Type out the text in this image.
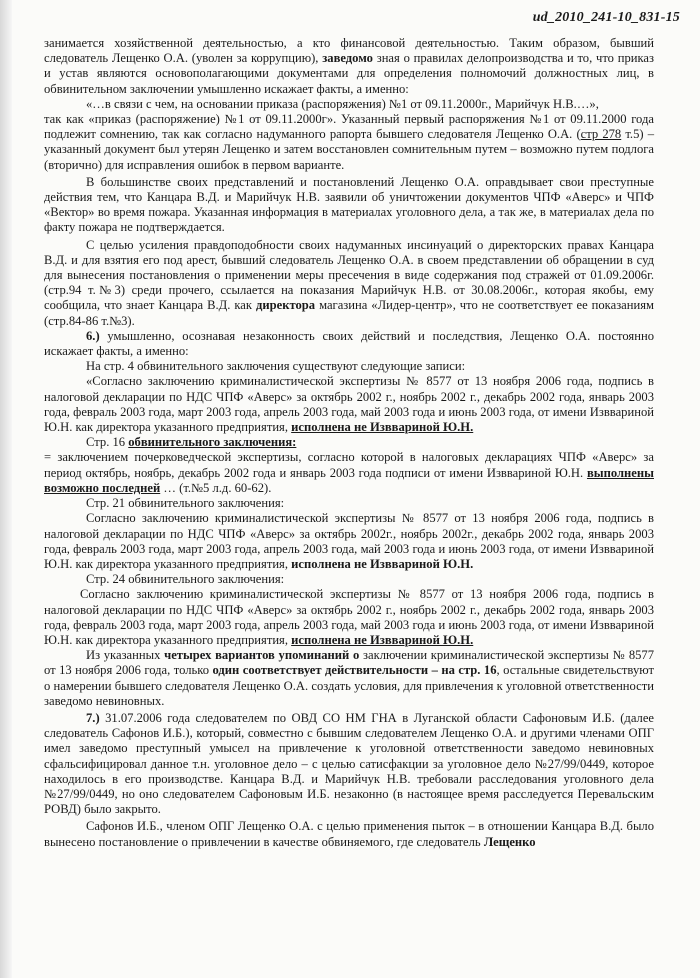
ud_2010_241-10_831-15

занимается хозяйственной деятельностью, а кто финансовой деятельностью. Таким образом, бывший следователь Лещенко О.А. (уволен за коррупцию), заведомо зная о правилах делопроизводства и то, что приказ и устав являются основополагающими документами для определения полномочий должностных лиц, в обвинительном заключении умышленно искажает факты, а именно:

«…в связи с чем, на основании приказа (распоряжения) №1 от 09.11.2000г., Марийчук Н.В.…»,

так как «приказ (распоряжение) №1 от 09.11.2000г». Указанный первый распоряжения №1 от 09.11.2000 года подлежит сомнению, так как согласно надуманного рапорта бывшего следователя Лещенко О.А. (стр 278 т.5) – указанный документ был утерян Лещенко и затем восстановлен сомнительным путем – возможно путем подлога (вторично) для исправления ошибок в первом варианте.

В большинстве своих представлений и постановлений Лещенко О.А. оправдывает свои преступные действия тем, что Канцара В.Д. и Марийчук Н.В. заявили об уничтожении документов ЧПФ «Аверс» и ЧПФ «Вектор» во время пожара. Указанная информация в материалах уголовного дела, а так же, в материалах дела по факту пожара не подтверждается.

С целью усиления правдоподобности своих надуманных инсинуаций о директорских правах Канцара В.Д. и для взятия его под арест, бывший следователь Лещенко О.А. в своем представлении об обращении в суд для вынесения постановления о применении меры пресечения в виде содержания под стражей от 01.09.2006г. (стр.94 т.№3) среди прочего, ссылается на показания Марийчук Н.В. от 30.08.2006г., которая якобы, ему сообщила, что знает Канцара В.Д. как директора магазина «Лидер-центр», что не соответствует ее показаниям (стр.84-86 т.№3).

6.) умышленно, осознавая незаконность своих действий и последствия, Лещенко О.А. постоянно искажает факты, а именно:

На стр. 4 обвинительного заключения существуют следующие записи:

«Согласно заключению криминалистической экспертизы № 8577 от 13 ноября 2006 года, подпись в налоговой декларации по НДС ЧПФ «Аверс» за октябрь 2002 г., ноябрь 2002 г., декабрь 2002 года, январь 2003 года, февраль 2003 года, март 2003 года, апрель 2003 года, май 2003 года и июнь 2003 года, от имени Изввариной Ю.Н. как директора указанного предприятия, исполнена не Изввариной Ю.Н.

Стр. 16 обвинительного заключения:

= заключением почерковедческой экспертизы, согласно которой в налоговых декларациях ЧПФ «Аверс» за период октябрь, ноябрь, декабрь 2002 года и январь 2003 года подписи от имени Изввариной Ю.Н. выполнены возможно последней … (т.№5 л.д. 60-62).

Стр. 21 обвинительного заключения:

Согласно заключению криминалистической экспертизы № 8577 от 13 ноября 2006 года, подпись в налоговой декларации по НДС ЧПФ «Аверс» за октябрь 2002г., ноябрь 2002г., декабрь 2002 года, январь 2003 года, февраль 2003 года, март 2003 года, апрель 2003 года, май 2003 года и июнь 2003 года, от имени Изввариной Ю.Н. как директора указанного предприятия, исполнена не Изввариной Ю.Н.

Стр. 24 обвинительного заключения:

Согласно заключению криминалистической экспертизы № 8577 от 13 ноября 2006 года, подпись в налоговой декларации по НДС ЧПФ «Аверс» за октябрь 2002 г., ноябрь 2002 г., декабрь 2002 года, январь 2003 года, февраль 2003 года, март 2003 года, апрель 2003 года, май 2003 года и июнь 2003 года, от имени Изввариной Ю.Н. как директора указанного предприятия, исполнена не Изввариной Ю.Н.

Из указанных четырех вариантов упоминаний о заключении криминалистической экспертизы № 8577 от 13 ноября 2006 года, только один соответствует действительности – на стр. 16, остальные свидетельствуют о намерении бывшего следователя Лещенко О.А. создать условия, для привлечения к уголовной ответственности заведомо невиновных.

7.) 31.07.2006 года следователем по ОВД СО НМ ГНА в Луганской области Сафоновым И.Б. (далее следователь Сафонов И.Б.), который, совместно с бывшим следователем Лещенко О.А. и другими членами ОПГ имел заведомо преступный умысел на привлечение к уголовной ответственности заведомо невиновных сфальсифицировал данное т.н. уголовное дело – с целью сатисфакции за уголовное дело №27/99/0449, которое находилось в его производстве. Канцара В.Д. и Марийчук Н.В. требовали расследования уголовного дела №27/99/0449, но оно следователем Сафоновым И.Б. незаконно (в настоящее время расследуется Перевальским РОВД) было закрыто.

Сафонов И.Б., членом ОПГ Лещенко О.А. с целью применения пыток – в отношении Канцара В.Д. было вынесено постановление о привлечении в качестве обвиняемого, где следователь Лещенко
